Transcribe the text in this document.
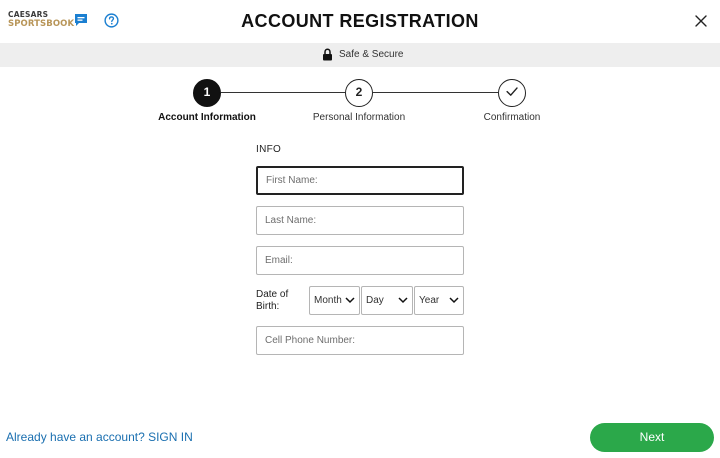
CAESARS
SPORTSBOOK	ACCOUNT REGISTRATION
Safe & Secure
1	2
Account Information	Personal Information	Confirmation
INFO
First Name:
Last Name:
Email:
Date of Birth:	Month	Day	Year
Cell Phone Number:
Already have an account? SIGN IN	Next
